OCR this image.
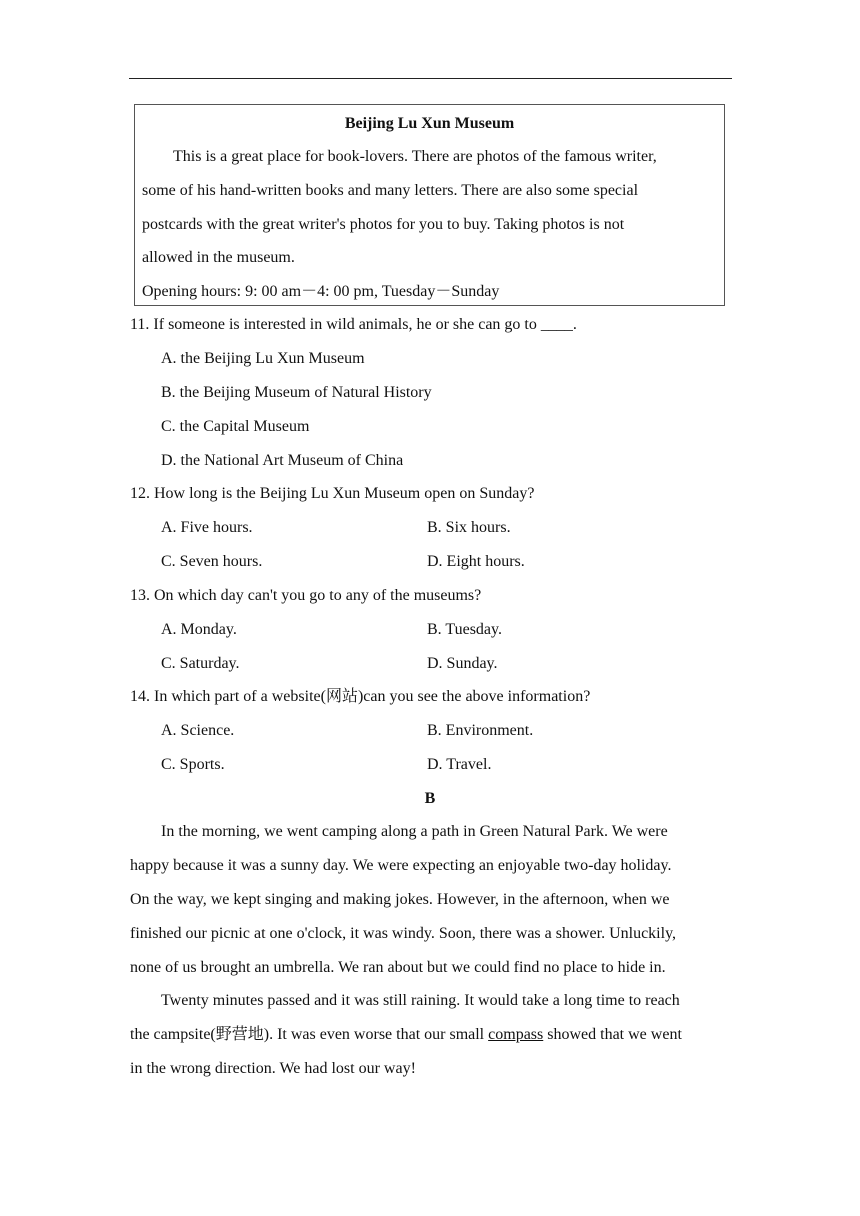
Beijing Lu Xun Museum
This is a great place for book-lovers. There are photos of the famous writer,
some of his hand-written books and many letters. There are also some special
postcards with the great writer's photos for you to buy. Taking photos is not
allowed in the museum.
Opening hours: 9: 00 am－4: 00 pm, Tuesday－Sunday
11. If someone is interested in wild animals, he or she can go to ____.
A. the Beijing Lu Xun Museum
B. the Beijing Museum of Natural History
C. the Capital Museum
D. the National Art Museum of China
12. How long is the Beijing Lu Xun Museum open on Sunday?
A. Five hours.	B. Six hours.
C. Seven hours.	D. Eight hours.
13. On which day can't you go to any of the museums?
A. Monday.	B. Tuesday.
C. Saturday.	D. Sunday.
14. In which part of a website(网站)can you see the above information?
A. Science.	B. Environment.
C. Sports.	D. Travel.
B
In the morning, we went camping along a path in Green Natural Park. We were
happy because it was a sunny day. We were expecting an enjoyable two-day holiday.
On the way, we kept singing and making jokes. However, in the afternoon, when we
finished our picnic at one o'clock, it was windy. Soon, there was a shower. Unluckily,
none of us brought an umbrella. We ran about but we could find no place to hide in.
Twenty minutes passed and it was still raining. It would take a long time to reach
the campsite(野营地). It was even worse that our small compass showed that we went
in the wrong direction. We had lost our way!
